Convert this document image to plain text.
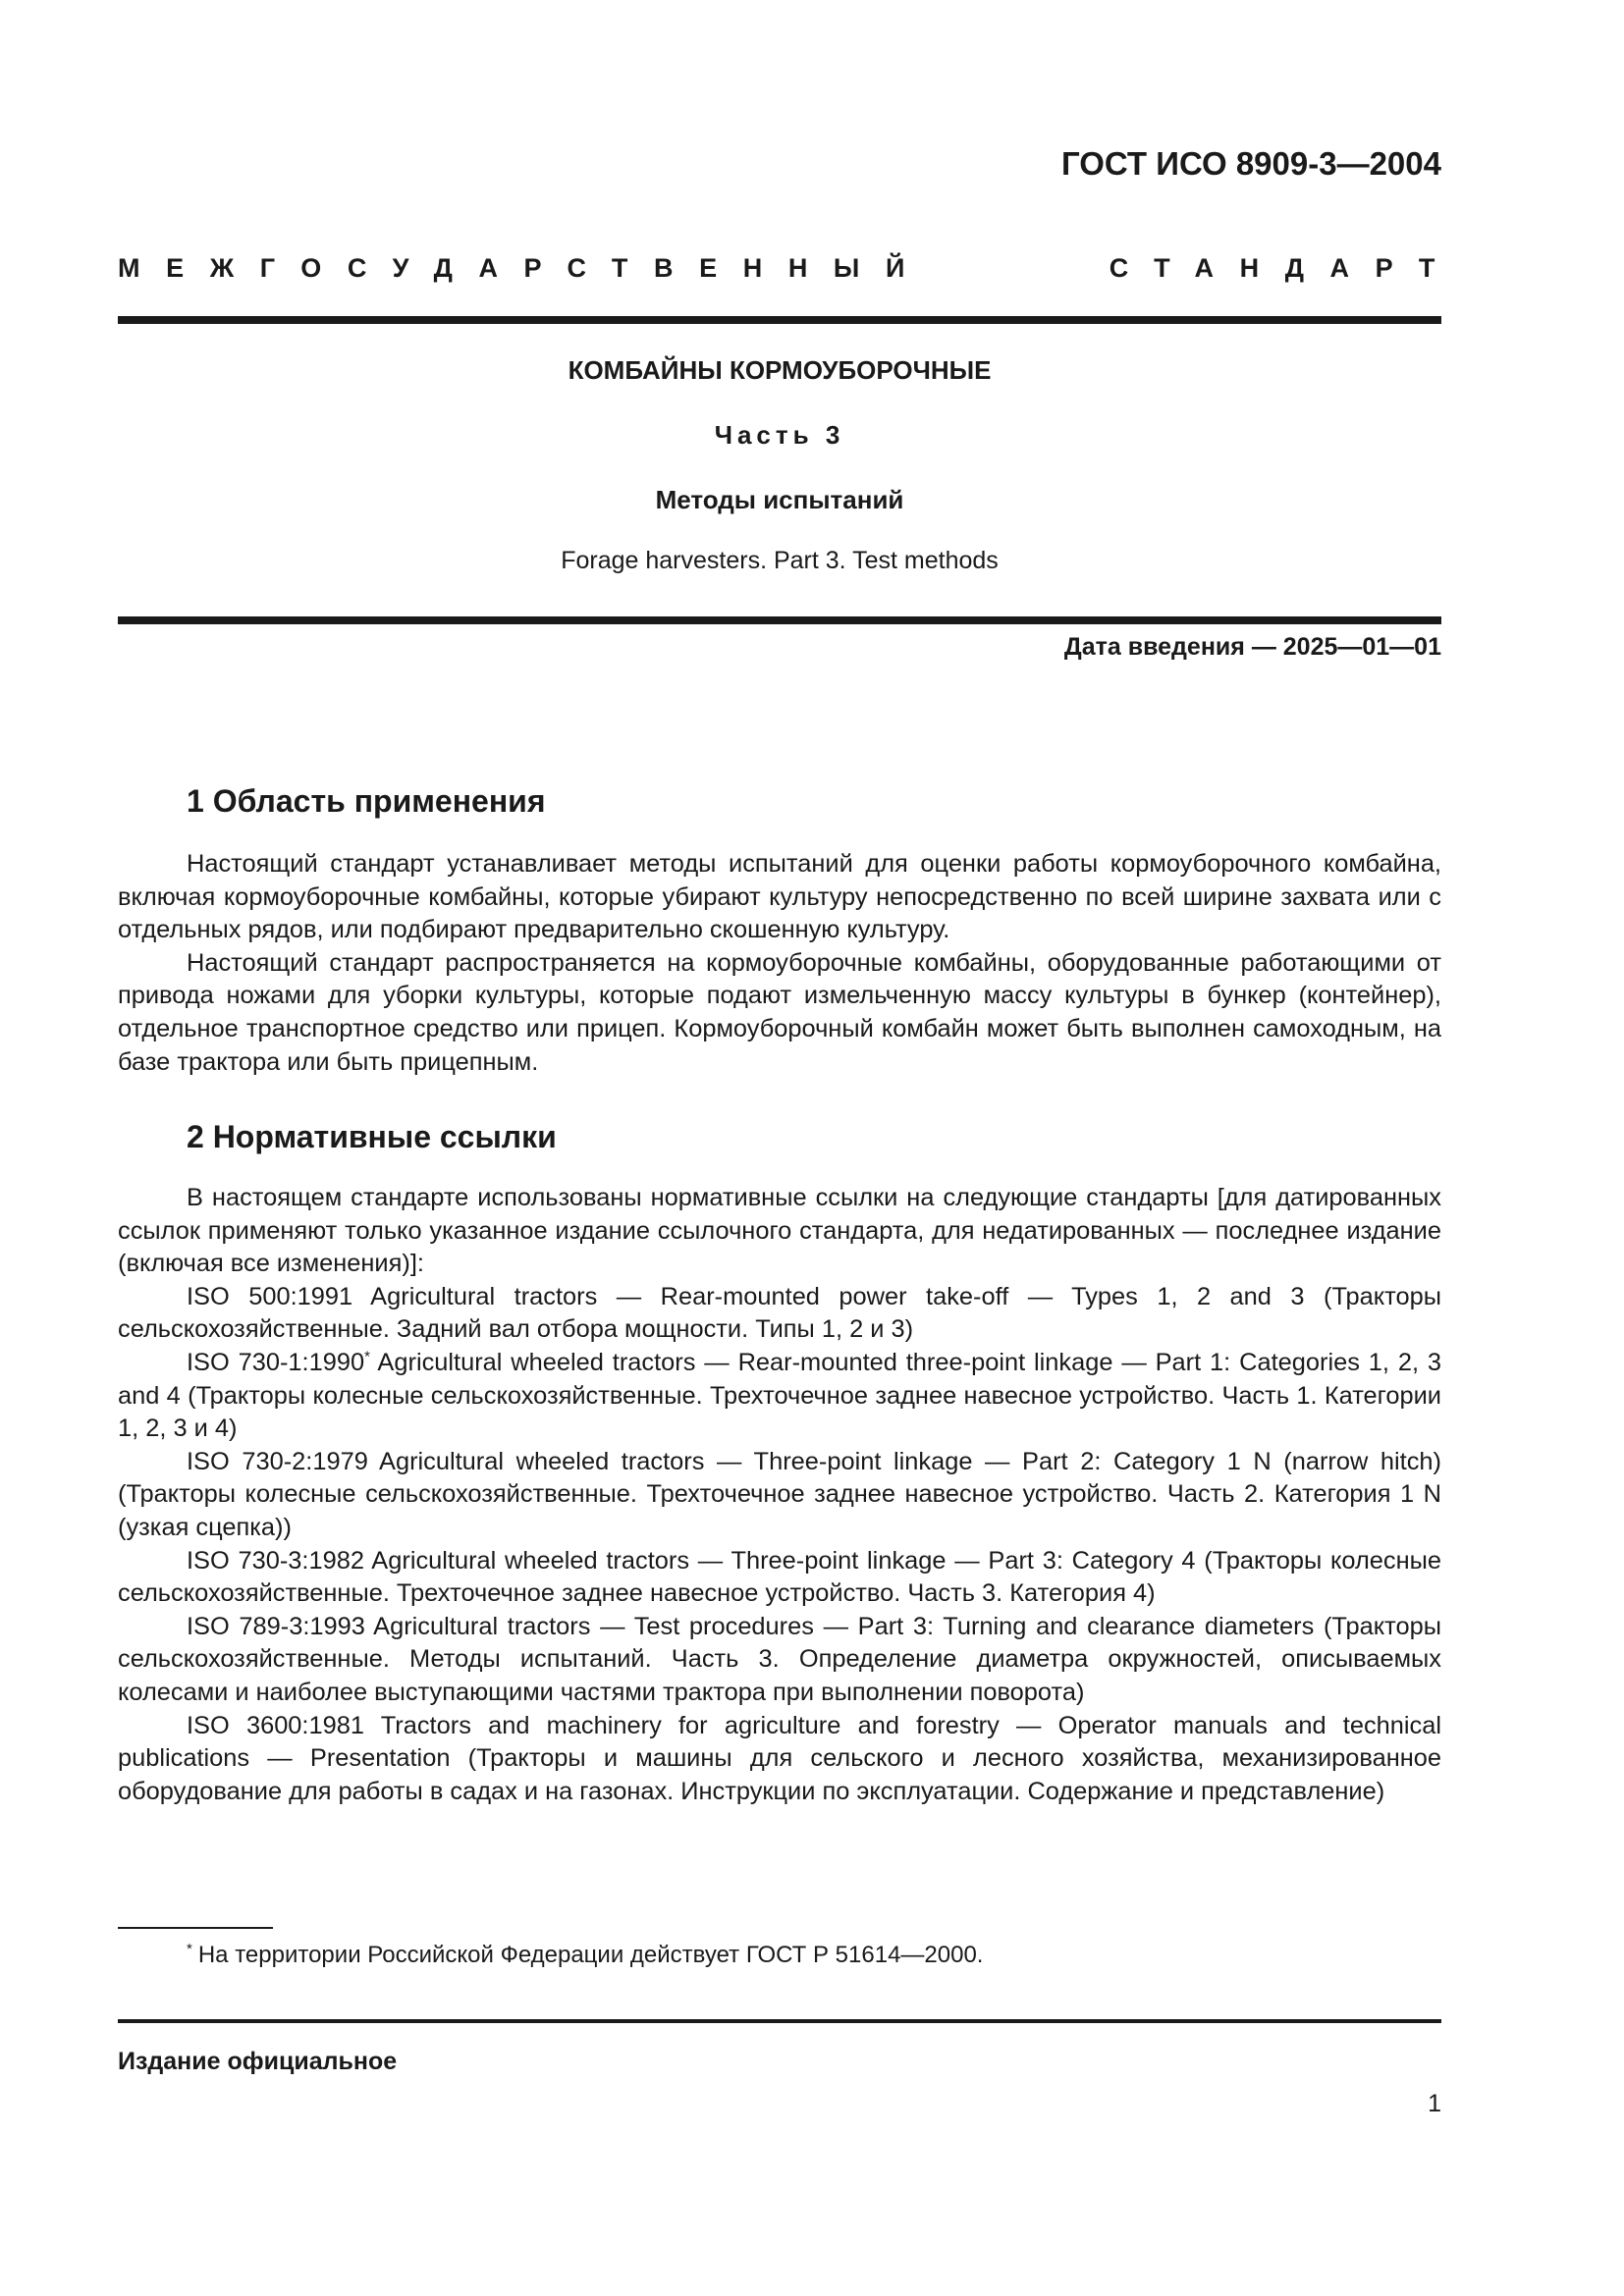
ГОСТ ИСО 8909-3—2004
МЕЖГОСУДАРСТВЕННЫЙ	СТАНДАРТ
КОМБАЙНЫ КОРМОУБОРОЧНЫЕ
Часть 3
Методы испытаний
Forage harvesters. Part 3. Test methods
Дата введения — 2025—01—01
1 Область применения

Настоящий стандарт устанавливает методы испытаний для оценки работы кормоуборочного комбайна, включая кормоуборочные комбайны, которые убирают культуру непосредственно по всей ширине захвата или с отдельных рядов, или подбирают предварительно скошенную культуру.

Настоящий стандарт распространяется на кормоуборочные комбайны, оборудованные работающими от привода ножами для уборки культуры, которые подают измельченную массу культуры в бункер (контейнер), отдельное транспортное средство или прицеп. Кормоуборочный комбайн может быть выполнен самоходным, на базе трактора или быть прицепным.

2 Нормативные ссылки

В настоящем стандарте использованы нормативные ссылки на следующие стандарты [для датированных ссылок применяют только указанное издание ссылочного стандарта, для недатированных — последнее издание (включая все изменения)]:

ISO 500:1991 Agricultural tractors — Rear-mounted power take-off — Types 1, 2 and 3 (Тракторы сельскохозяйственные. Задний вал отбора мощности. Типы 1, 2 и 3)

ISO 730-1:1990* Agricultural wheeled tractors — Rear-mounted three-point linkage — Part 1: Categories 1, 2, 3 and 4 (Тракторы колесные сельскохозяйственные. Трехточечное заднее навесное устройство. Часть 1. Категории 1, 2, 3 и 4)

ISO 730-2:1979 Agricultural wheeled tractors — Three-point linkage — Part 2: Category 1 N (narrow hitch) (Тракторы колесные сельскохозяйственные. Трехточечное заднее навесное устройство. Часть 2. Категория 1 N (узкая сцепка))

ISO 730-3:1982 Agricultural wheeled tractors — Three-point linkage — Part 3: Category 4 (Тракторы колесные сельскохозяйственные. Трехточечное заднее навесное устройство. Часть 3. Категория 4)

ISO 789-3:1993 Agricultural tractors — Test procedures — Part 3: Turning and clearance diameters (Тракторы сельскохозяйственные. Методы испытаний. Часть 3. Определение диаметра окружностей, описываемых колесами и наиболее выступающими частями трактора при выполнении поворота)

ISO 3600:1981 Tractors and machinery for agriculture and forestry — Operator manuals and technical publications — Presentation (Тракторы и машины для сельского и лесного хозяйства, механизированное оборудование для работы в садах и на газонах. Инструкции по эксплуатации. Содержание и представление)

* На территории Российской Федерации действует ГОСТ Р 51614—2000.
Издание официальное
1
